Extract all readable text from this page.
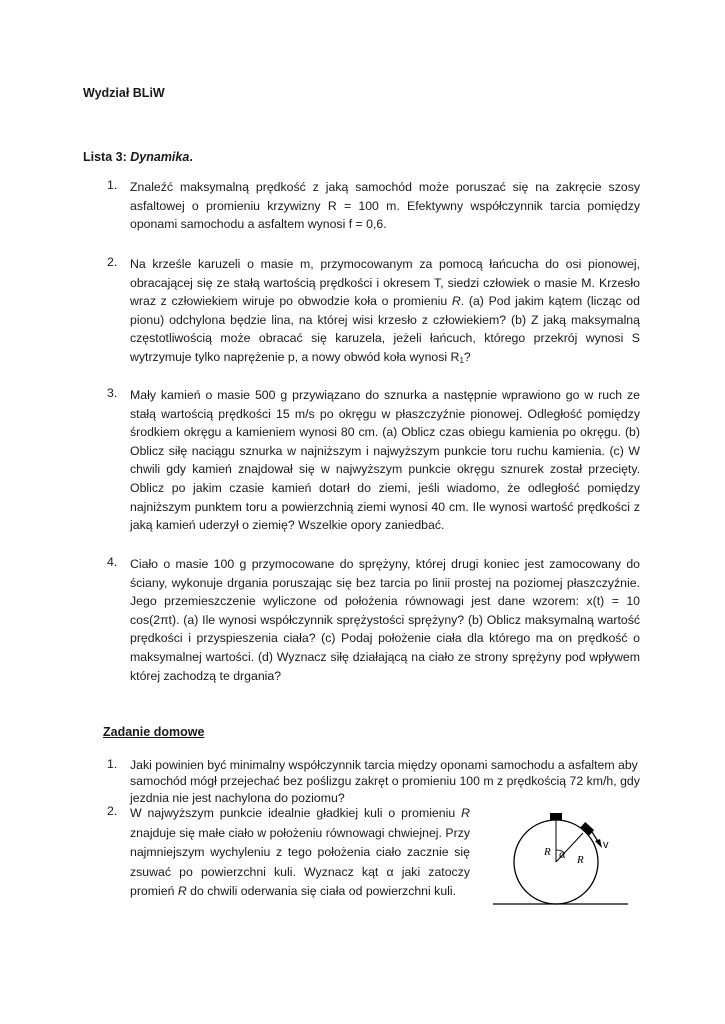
Wydział BLiW
Lista 3: Dynamika.
1. Znaleźć maksymalną prędkość z jaką samochód może poruszać się na zakręcie szosy asfaltowej o promieniu krzywizny R = 100 m. Efektywny współczynnik tarcia pomiędzy oponami samochodu a asfaltem wynosi f = 0,6.
2. Na krześle karuzeli o masie m, przymocowanym za pomocą łańcucha do osi pionowej, obracającej się ze stałą wartością prędkości i okresem T, siedzi człowiek o masie M. Krzesło wraz z człowiekiem wiruje po obwodzie koła o promieniu R. (a) Pod jakim kątem (licząc od pionu) odchylona będzie lina, na której wisi krzesło z człowiekiem? (b) Z jaką maksymalną częstotliwością może obracać się karuzela, jeżeli łańcuch, którego przekrój wynosi S wytrzymuje tylko naprężenie p, a nowy obwód koła wynosi $R_1$?
3. Mały kamień o masie 500 g przywiązano do sznurka a następnie wprawiono go w ruch ze stałą wartością prędkości 15 m/s po okręgu w płaszczyźnie pionowej. Odległość pomiędzy środkiem okręgu a kamieniem wynosi 80 cm. (a) Oblicz czas obiegu kamienia po okręgu. (b) Oblicz siłę naciągu sznurka w najniższym i najwyższym punkcie toru ruchu kamienia. (c) W chwili gdy kamień znajdował się w najwyższym punkcie okręgu sznurek został przecięty. Oblicz po jakim czasie kamień dotarł do ziemi, jeśli wiadomo, że odległość pomiędzy najniższym punktem toru a powierzchnią ziemi wynosi 40 cm. Ile wynosi wartość prędkości z jaką kamień uderzył o ziemię? Wszelkie opory zaniedbać.
4. Ciało o masie 100 g przymocowane do sprężyny, której drugi koniec jest zamocowany do ściany, wykonuje drgania poruszając się bez tarcia po linii prostej na poziomej płaszczyźnie. Jego przemieszczenie wyliczone od położenia równowagi jest dane wzorem: x(t) = 10 cos(2πt). (a) Ile wynosi współczynnik sprężystości sprężyny? (b) Oblicz maksymalną wartość prędkości i przyspieszenia ciała? (c) Podaj położenie ciała dla którego ma on prędkość o maksymalnej wartości. (d) Wyznacz siłę działającą na ciało ze strony sprężyny pod wpływem której zachodzą te drgania?
Zadanie domowe
1. Jaki powinien być minimalny współczynnik tarcia między oponami samochodu a asfaltem aby
samochód mógł przejechać bez poślizgu zakręt o promieniu 100 m z prędkością 72 km/h, gdy
jezdnia nie jest nachylona do poziomu?
2. W najwyższym punkcie idealnie gładkiej kuli o promieniu R znajduje się małe ciało w położeniu równowagi chwiejnej. Przy najmniejszym wychyleniu z tego położenia ciało zacznie się zsuwać po powierzchni kuli. Wyznacz kąt α jaki zatoczy promień R do chwili oderwania się ciała od powierzchni kuli.
R α R
v
